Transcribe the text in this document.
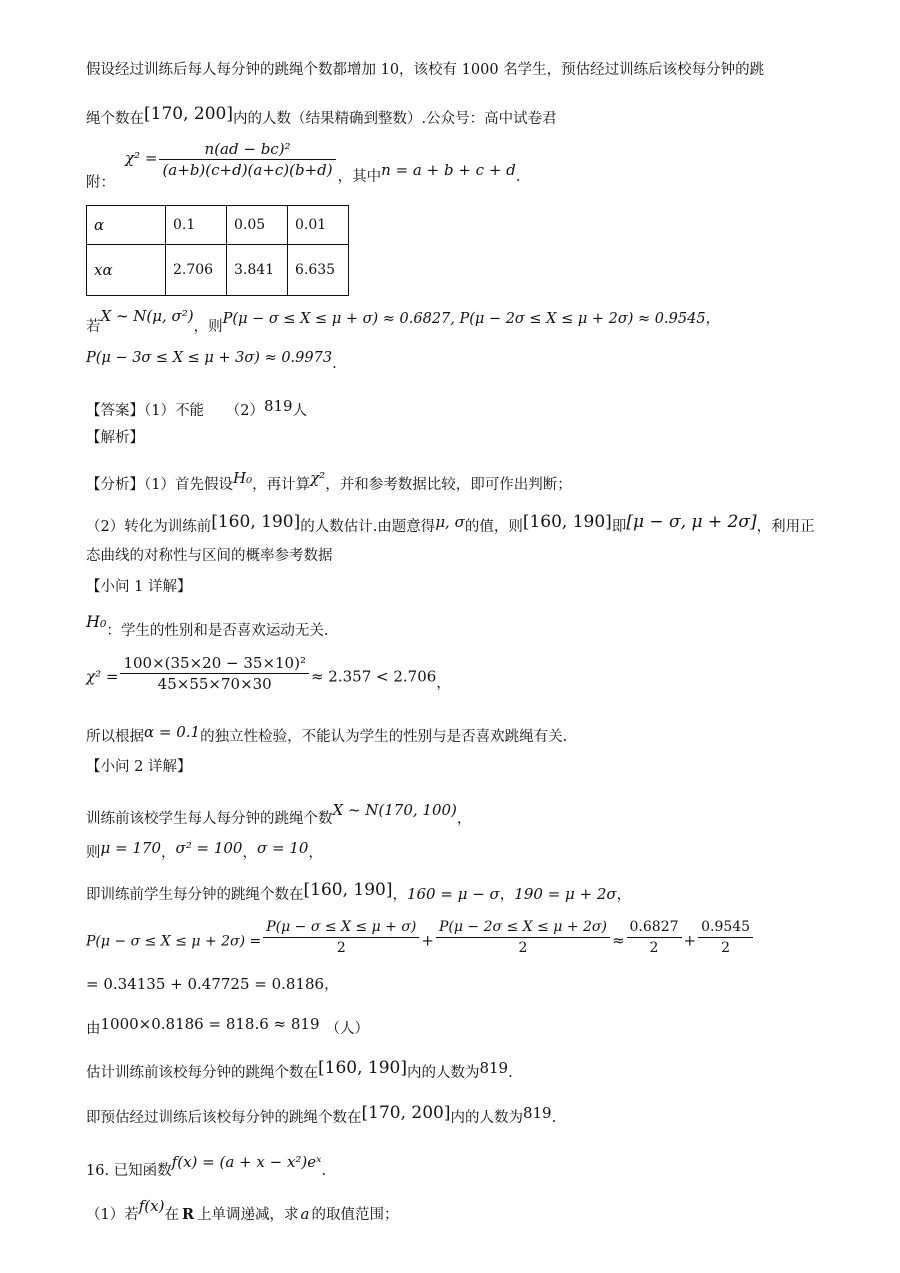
假设经过训练后每人每分钟的跳绳个数都增加 10，该校有 1000 名学生，预估经过训练后该校每分钟的跳
绳个数在[170, 200]内的人数（结果精确到整数）.公众号：高中试卷君
附：$\chi^2 = \frac{\text{n(ad − bc)²}}{(a+b)(c+d)(a+c)(b+d)}$ ，其中n = a + b + c + d.
α	0.1	0.05	0.01
xα	2.706	3.841	6.635
若X ~ N(μ, σ²)，则P(μ − σ ≤ X ≤ μ + σ) ≈ 0.6827, P(μ − 2σ ≤ X ≤ μ + 2σ) ≈ 0.9545，
P(μ − 3σ ≤ X ≤ μ + 3σ) ≈ 0.9973.
【答案】（1）不能　　（2）819人
【解析】
【分析】（1）首先假设H₀，再计算χ²，并和参考数据比较，即可作出判断；
（2）转化为训练前[160, 190]的人数估计.由题意得μ, σ的值，则[160, 190]即[μ − σ, μ + 2σ]，利用正
态曲线的对称性与区间的概率参考数据
【小问 1 详解】
H₀：学生的性别和是否喜欢运动无关.
$\chi^2 = \frac{\text{100×(35×20 − 35×10)²}}{45\times 55\times 70\times 30} \approx 2.357 < 2.706$，
所以根据α = 0.1的独立性检验，不能认为学生的性别与是否喜欢跳绳有关.
【小问 2 详解】
训练前该校学生每人每分钟的跳绳个数X ~ N(170, 100)，
则μ = 170，σ² = 100，σ = 10，
即训练前学生每分钟的跳绳个数在[160, 190]，160 = μ − σ，190 = μ + 2σ，
$P(\mu - \sigma \le X \le \mu + 2\sigma) = \frac{P(\mu - \sigma \le X \le \mu + \sigma)}{2} + \frac{P(\mu - 2\sigma \le X \le \mu + 2\sigma)}{2} \approx \frac{0.6827}{2} + \frac{0.9545}{2}$
= 0.34135 + 0.47725 = 0.8186，
由1000×0.8186 = 818.6 ≈ 819 （人）
估计训练前该校每分钟的跳绳个数在[160, 190]内的人数为819.
即预估经过训练后该校每分钟的跳绳个数在[170, 200]内的人数为819.
16. 已知函数f(x) = (a + x − x²)eˣ.
（1）若f(x)在 R 上单调递减，求 a 的取值范围；
